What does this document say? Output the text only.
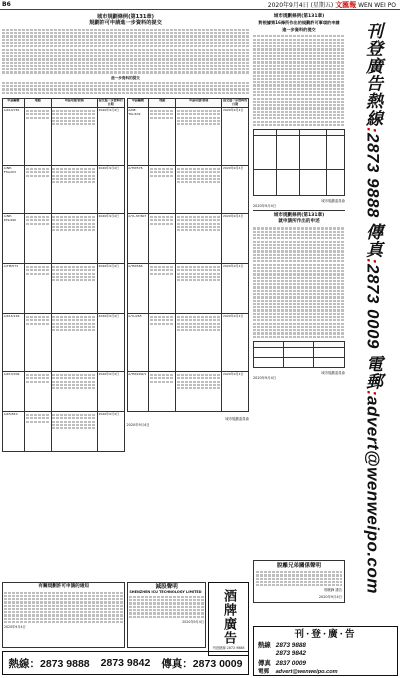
B6	2020年9月4日 (星期五) 文匯報 WEN WEI PO
城市規劃條例(第131章)
規劃許可申請進一步資料的提交
進一步資料的提交
申請編號	地點	申請用途/發展	提交進一步資料的日期
A/K14/781			2020年9月4日
A/NE-FTA/203			2020年9月4日
A/NE-KTS/490			2020年9月4日
A/TM/573			2020年9月4日
A/K15/126			2020年9月4日
A/K13/309			2020年9月4日
A/K5/810			2020年9月4日
申請編號	地點	申請用途/發展	提交進一步資料的日期
A/NE-TKL/632			2020年9月4日
A/TM/576			2020年9月4日
A/YL-ST/607			2020年9月4日
A/TM/566			2020年9月4日
A/YL/265			2020年9月4日
A/TM/LSW/1			2020年9月4日
城市規劃委員會
2020年9月4日
有關規劃許可申請的通知
2020年9月4日
減股聲明
SHENZHEN ICU TECHNOLOGY LIMITED
2020年9月4日 酒牌廣告
刊登熱線 2873 9888
熱線：2873 9888 2873 9842 傳真：2873 0009
城市規劃條例(第131章)
對根據第16條所作出的規劃許可事項的申請
進一步資料的提交

城市規劃委員會
2020年9月4日
城市規劃條例(第131章)
就申請所作出的申述

城市規劃委員會
2020年9月4日
脫離兄弟關係聲明
郭曉鋒 謹告
2020年9月4日
刊登廣告熱線
:
2873 9888

傳真
:
2873 0009

電郵
:
advert@wenweipo.com
刊·登·廣·告
熱線 2873 9888
2873 9842
傳真 2837 0009
電郵 advert@wenweipo.com
